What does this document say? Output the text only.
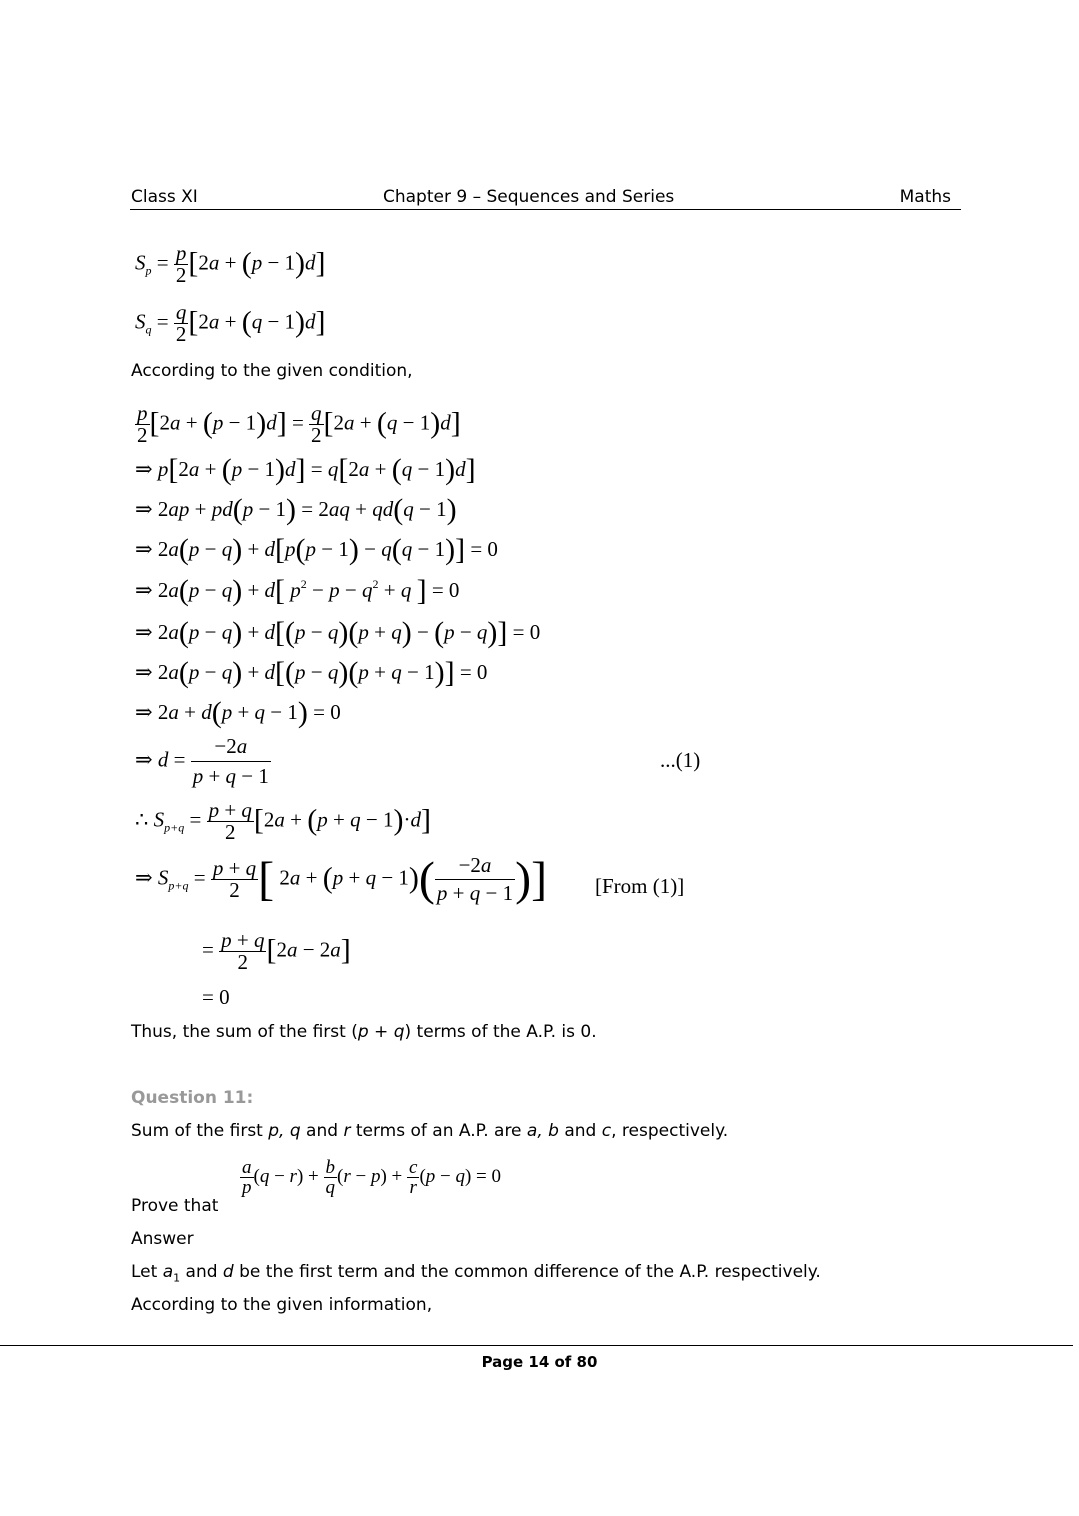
Class XI	Chapter 9 – Sequences and Series	Maths
$S_p = \frac{p}{2} [2a + (p - 1)d]$
$S_q = \frac{q}{2} [2a + (q - 1)d]$
According to the given condition,
$\frac{p}{2} [2a + (p - 1)d] = \frac{q}{2} [2a + (q - 1)d]$
⇒ p[2a + (p − 1)d] = q[2a + (q − 1)d]
⇒ 2ap + pd(p − 1) = 2aq + qd(q − 1)
⇒ 2a(p − q) + d[p(p − 1) − q(q − 1)] = 0
⇒ 2a(p − q) + d[ $p^2 - p - q^2 + q$ ] = 0
⇒ 2a(p − q) + d[(p − q)(p + q) − (p − q)] = 0
⇒ 2a(p − q) + d[(p − q)(p + q − 1)] = 0
⇒ 2a + d(p + q − 1) = 0
⇒ $d = \frac{-2a}{p + q - 1}$	...(1)
∴ $S_{p+q} = \frac{p + q}{2} [2a + (p + q - 1)\cdot d]$
⇒ $S_{p+q} = \frac{p + q}{2}$ [ $2a + (p + q - 1)( \frac{-2a}{p + q - 1}$ )] [From (1)]
= $\frac{p + q}{2} [2a - 2a]$
= 0
Thus, the sum of the first (p + q) terms of the A.P. is 0.
Question 11:
Sum of the first p, q and r terms of an A.P. are a, b and c, respectively.
Prove that
$\frac{a}{p} (q - r) + \frac{b}{q} (r - p) + \frac{c}{r} (p - q) = 0$
Answer
Let $a_1$ and d be the first term and the common difference of the A.P. respectively.
According to the given information,
Page 14 of 80
